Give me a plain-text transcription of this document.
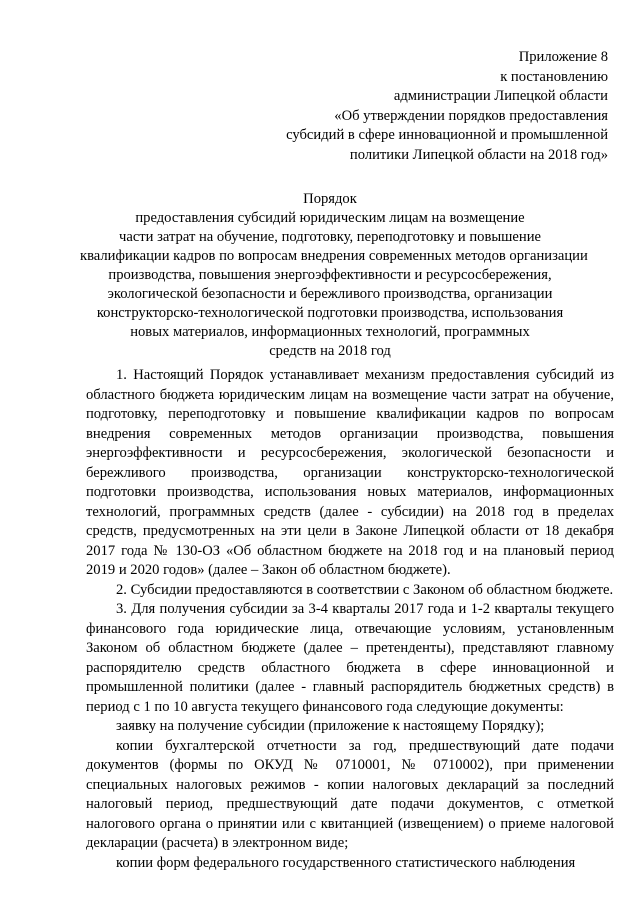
Приложение 8
к постановлению
администрации Липецкой области
«Об утверждении порядков предоставления
субсидий в сфере инновационной и промышленной
политики Липецкой области на 2018 год»
Порядок
предоставления субсидий юридическим лицам на возмещение
части затрат на обучение, подготовку, переподготовку и повышение
квалификации кадров по вопросам внедрения современных методов организации
производства, повышения энергоэффективности и ресурсосбережения,
экологической безопасности и бережливого производства, организации
конструкторско-технологической подготовки производства, использования
новых материалов, информационных технологий, программных
средств на 2018 год

1. Настоящий Порядок устанавливает механизм предоставления субсидий из областного бюджета юридическим лицам на возмещение части затрат на обучение, подготовку, переподготовку и повышение квалификации кадров по вопросам внедрения современных методов организации производства, повышения энергоэффективности и ресурсосбережения, экологической безопасности и бережливого производства, организации конструкторско-технологической подготовки производства, использования новых материалов, информационных технологий, программных средств (далее - субсидии) на 2018 год в пределах средств, предусмотренных на эти цели в Законе Липецкой области от 18 декабря 2017 года № 130-ОЗ «Об областном бюджете на 2018 год и на плановый период 2019 и 2020 годов» (далее – Закон об областном бюджете).

2. Субсидии предоставляются в соответствии с Законом об областном бюджете.

3. Для получения субсидии за 3-4 кварталы 2017 года и 1-2 кварталы текущего финансового года юридические лица, отвечающие условиям, установленным Законом об областном бюджете (далее – претенденты), представляют главному распорядителю средств областного бюджета в сфере инновационной и промышленной политики (далее - главный распорядитель бюджетных средств) в период с 1 по 10 августа текущего финансового года следующие документы:

заявку на получение субсидии (приложение к настоящему Порядку);

копии бухгалтерской отчетности за год, предшествующий дате подачи документов (формы по ОКУД № 0710001, № 0710002), при применении специальных налоговых режимов - копии налоговых деклараций за последний налоговый период, предшествующий дате подачи документов, с отметкой налогового органа о принятии или с квитанцией (извещением) о приеме налоговой декларации (расчета) в электронном виде;

копии форм федерального государственного статистического наблюдения
